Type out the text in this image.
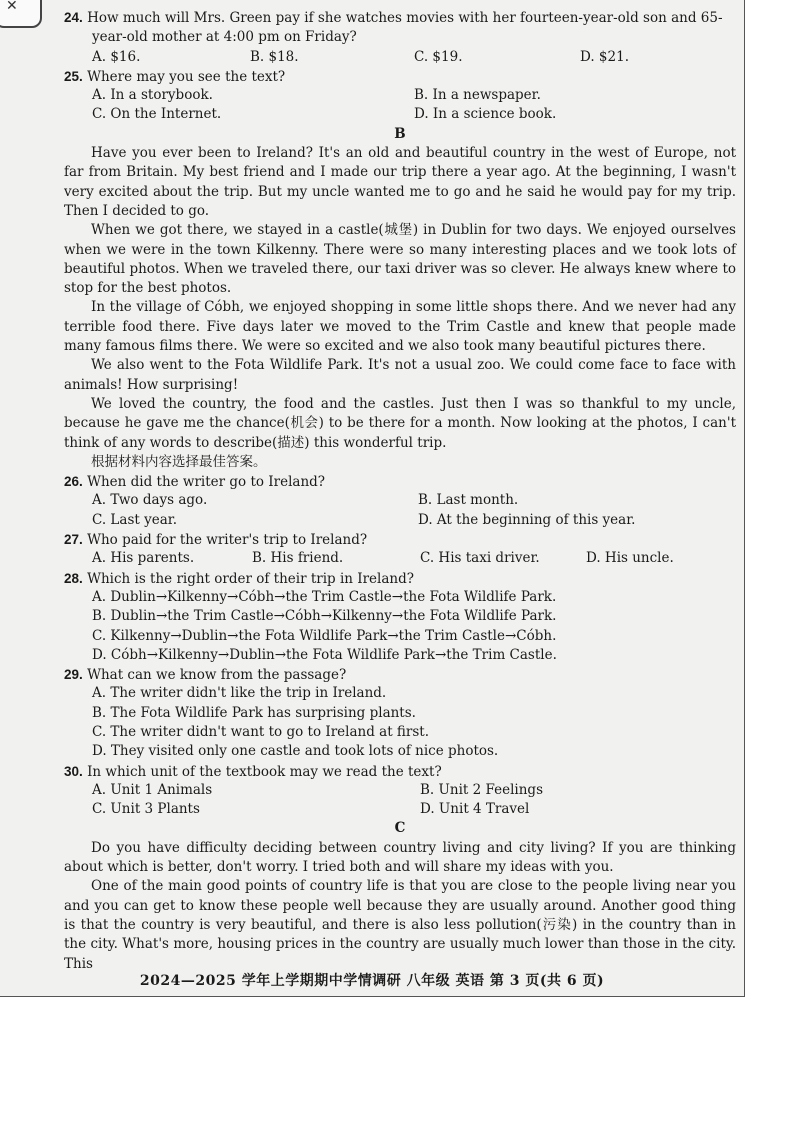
✕
24. How much will Mrs. Green pay if she watches movies with her fourteen-year-old son and 65-year-old mother at 4:00 pm on Friday?
A. $16.	B. $18.	C. $19.	D. $21.
25. Where may you see the text?
A. In a storybook.	B. In a newspaper.
C. On the Internet.	D. In a science book.
B

Have you ever been to Ireland? It's an old and beautiful country in the west of Europe, not far from Britain. My best friend and I made our trip there a year ago. At the beginning, I wasn't very excited about the trip. But my uncle wanted me to go and he said he would pay for my trip. Then I decided to go.

When we got there, we stayed in a castle(城堡) in Dublin for two days. We enjoyed ourselves when we were in the town Kilkenny. There were so many interesting places and we took lots of beautiful photos. When we traveled there, our taxi driver was so clever. He always knew where to stop for the best photos.

In the village of Cóbh, we enjoyed shopping in some little shops there. And we never had any terrible food there. Five days later we moved to the Trim Castle and knew that people made many famous films there. We were so excited and we also took many beautiful pictures there.

We also went to the Fota Wildlife Park. It's not a usual zoo. We could come face to face with animals! How surprising!

We loved the country, the food and the castles. Just then I was so thankful to my uncle, because he gave me the chance(机会) to be there for a month. Now looking at the photos, I can't think of any words to describe(描述) this wonderful trip.

根据材料内容选择最佳答案。
26. When did the writer go to Ireland?
A. Two days ago.	B. Last month.
C. Last year.	D. At the beginning of this year.
27. Who paid for the writer's trip to Ireland?
A. His parents.	B. His friend.	C. His taxi driver.	D. His uncle.
28. Which is the right order of their trip in Ireland?
A. Dublin→Kilkenny→Cóbh→the Trim Castle→the Fota Wildlife Park.
B. Dublin→the Trim Castle→Cóbh→Kilkenny→the Fota Wildlife Park.
C. Kilkenny→Dublin→the Fota Wildlife Park→the Trim Castle→Cóbh.
D. Cóbh→Kilkenny→Dublin→the Fota Wildlife Park→the Trim Castle.
29. What can we know from the passage?
A. The writer didn't like the trip in Ireland.
B. The Fota Wildlife Park has surprising plants.
C. The writer didn't want to go to Ireland at first.
D. They visited only one castle and took lots of nice photos.
30. In which unit of the textbook may we read the text?
A. Unit 1 Animals	B. Unit 2 Feelings
C. Unit 3 Plants	D. Unit 4 Travel
C

Do you have difficulty deciding between country living and city living? If you are thinking about which is better, don't worry. I tried both and will share my ideas with you.

One of the main good points of country life is that you are close to the people living near you and you can get to know these people well because they are usually around. Another good thing is that the country is very beautiful, and there is also less pollution(污染) in the country than in the city. What's more, housing prices in the country are usually much lower than those in the city. This

2024—2025 学年上学期期中学情调研 八年级 英语 第 3 页(共 6 页)
